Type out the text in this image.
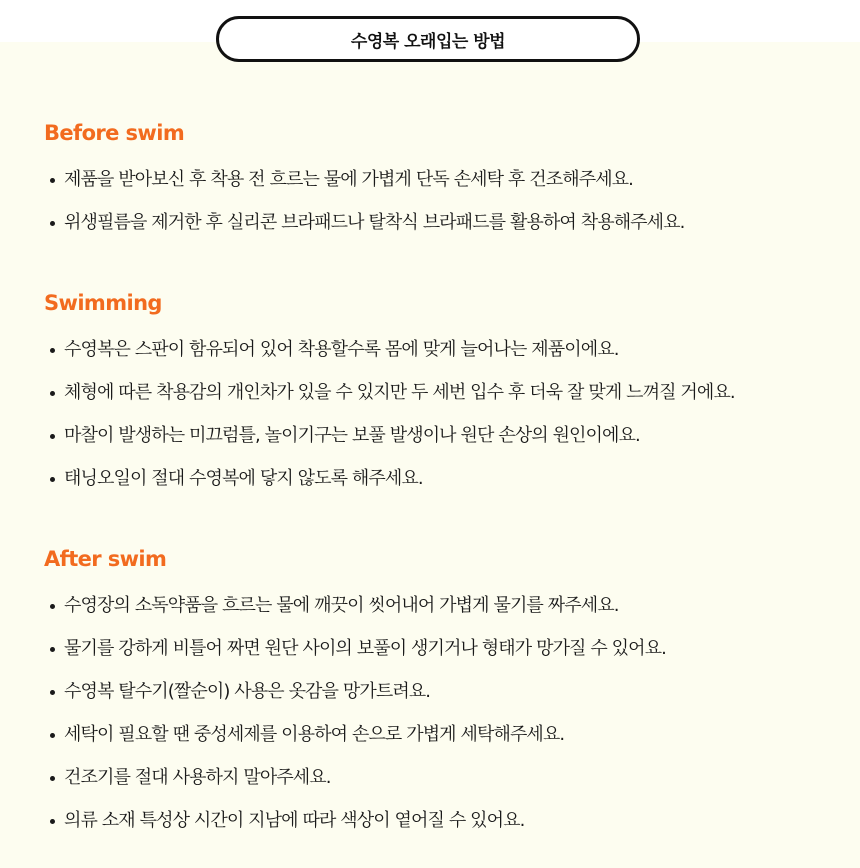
수영복 오래입는 방법
Before swim
제품을 받아보신 후 착용 전 흐르는 물에 가볍게 단독 손세탁 후 건조해주세요.
위생필름을 제거한 후 실리콘 브라패드나 탈착식 브라패드를 활용하여 착용해주세요.
Swimming
수영복은 스판이 함유되어 있어 착용할수록 몸에 맞게 늘어나는 제품이에요.
체형에 따른 착용감의 개인차가 있을 수 있지만 두 세번 입수 후 더욱 잘 맞게 느껴질 거에요.
마찰이 발생하는 미끄럼틀, 놀이기구는 보풀 발생이나 원단 손상의 원인이에요.
태닝오일이 절대 수영복에 닿지 않도록 해주세요.
After swim
수영장의 소독약품을 흐르는 물에 깨끗이 씻어내어 가볍게 물기를 짜주세요.
물기를 강하게 비틀어 짜면 원단 사이의 보풀이 생기거나 형태가 망가질 수 있어요.
수영복 탈수기(짤순이) 사용은 옷감을 망가트려요.
세탁이 필요할 땐 중성세제를 이용하여 손으로 가볍게 세탁해주세요.
건조기를 절대 사용하지 말아주세요.
의류 소재 특성상 시간이 지남에 따라 색상이 옅어질 수 있어요.
